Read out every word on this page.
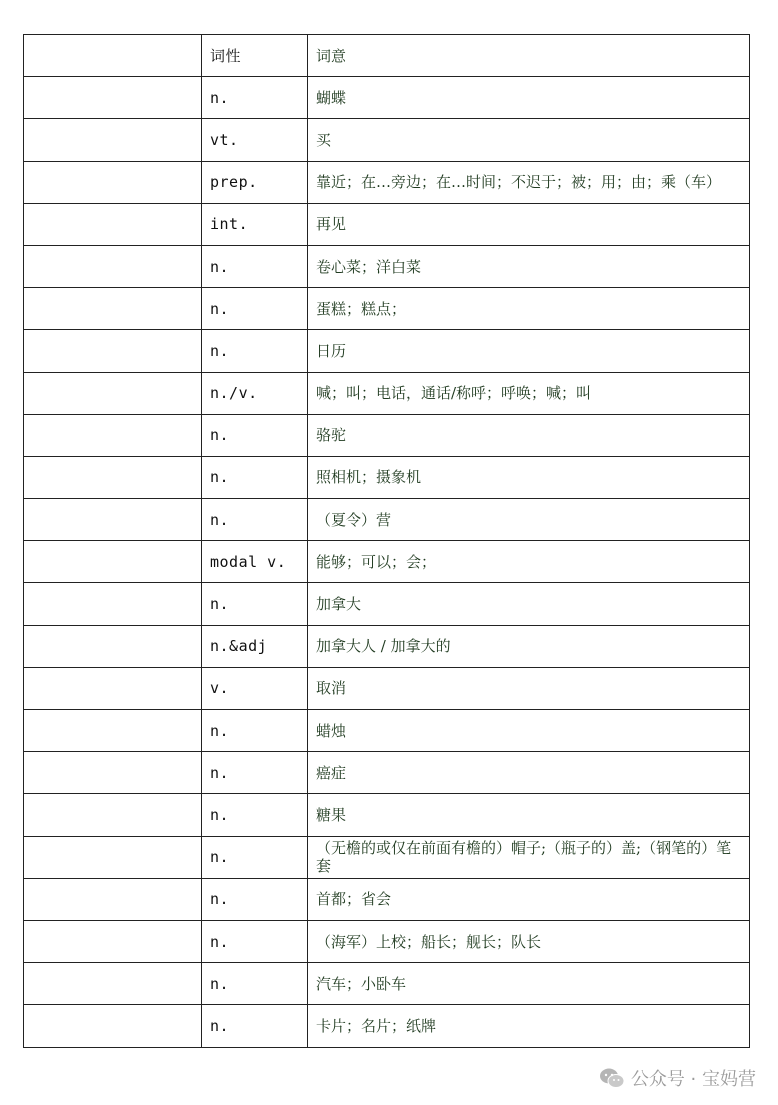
	词性	词意
	n.	蝴蝶
	vt.	买
	prep.	靠近；在…旁边；在…时间；不迟于；被；用；由；乘（车）
	int.	再见
	n.	卷心菜；洋白菜
	n.	蛋糕；糕点；
	n.	日历
	n./v.	喊；叫；电话，通话/称呼；呼唤；喊；叫
	n.	骆驼
	n.	照相机；摄象机
	n.	（夏令）营
	modal v.	能够；可以；会；
	n.	加拿大
	n.&adj	加拿大人 / 加拿大的
	v.	取消
	n.	蜡烛
	n.	癌症
	n.	糖果
	n.	（无檐的或仅在前面有檐的）帽子;（瓶子的）盖;（钢笔的）笔套
	n.	首都；省会
	n.	（海军）上校；船长；舰长；队长
	n.	汽车；小卧车
	n.	卡片；名片；纸牌
公众号 · 宝妈营
